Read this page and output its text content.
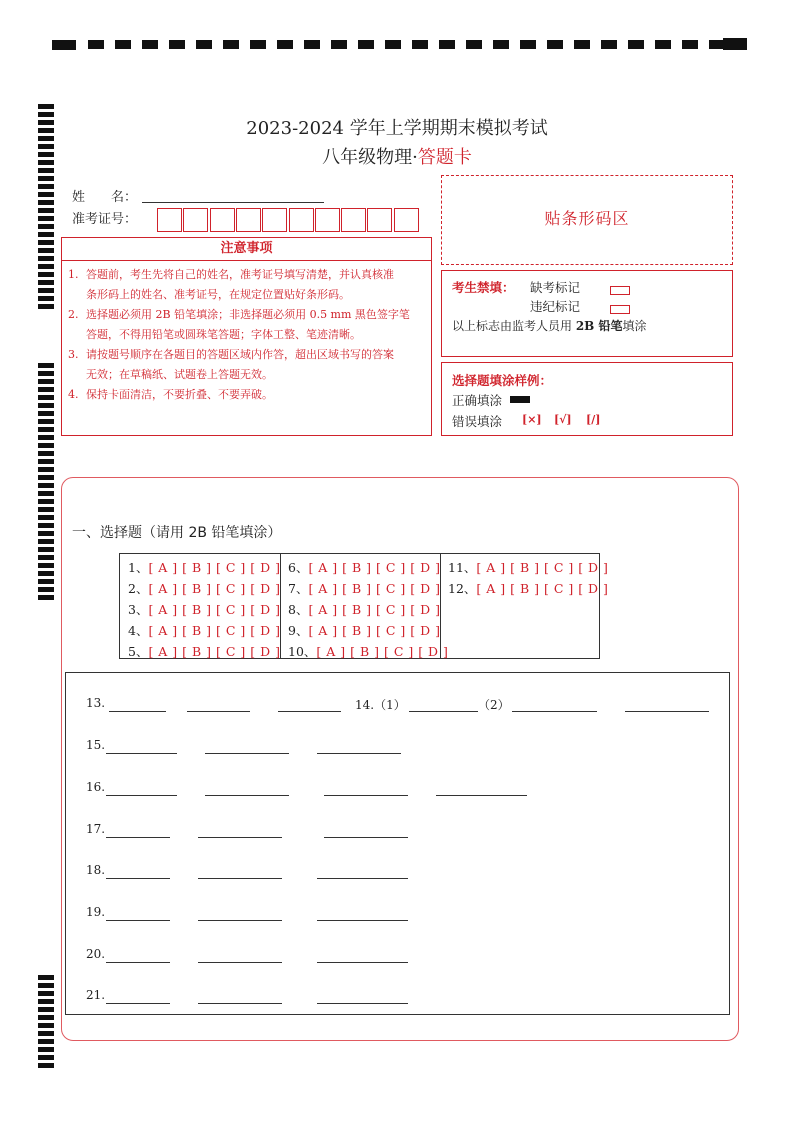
2023-2024 学年上学期期末模拟考试
八年级物理·答题卡
姓　　名：
准考证号：	贴条形码区
注意事项
1. 答题前，考生先将自己的姓名，准考证号填写清楚，并认真核准
条形码上的姓名、准考证号，在规定位置贴好条形码。
2. 选择题必须用 2B 铅笔填涂；非选择题必须用 0.5 mm 黑色签字笔
答题，不得用铅笔或圆珠笔答题；字体工整、笔迹清晰。
3. 请按题号顺序在各题目的答题区域内作答，超出区域书写的答案
无效；在草稿纸、试题卷上答题无效。
4. 保持卡面清洁，不要折叠、不要弄破。
考生禁填： 缺考标记
违纪标记
以上标志由监考人员用 2B 铅笔填涂
选择题填涂样例：
正确填涂
错误填涂 [×] [√] [/]
一、选择题（请用 2B 铅笔填涂）
1、[ A ] [ B ] [ C ] [ D ]
2、[ A ] [ B ] [ C ] [ D ]
3、[ A ] [ B ] [ C ] [ D ]
4、[ A ] [ B ] [ C ] [ D ]
5、[ A ] [ B ] [ C ] [ D ]
6、[ A ] [ B ] [ C ] [ D ]
7、[ A ] [ B ] [ C ] [ D ]
8、[ A ] [ B ] [ C ] [ D ]
9、[ A ] [ B ] [ C ] [ D ]
10、[ A ] [ B ] [ C ] [ D ]
11、[ A ] [ B ] [ C ] [ D ]
12、[ A ] [ B ] [ C ] [ D ]
13.	14.（1）	（2）
15.
16.
17.
18.
19.
20.
21.
